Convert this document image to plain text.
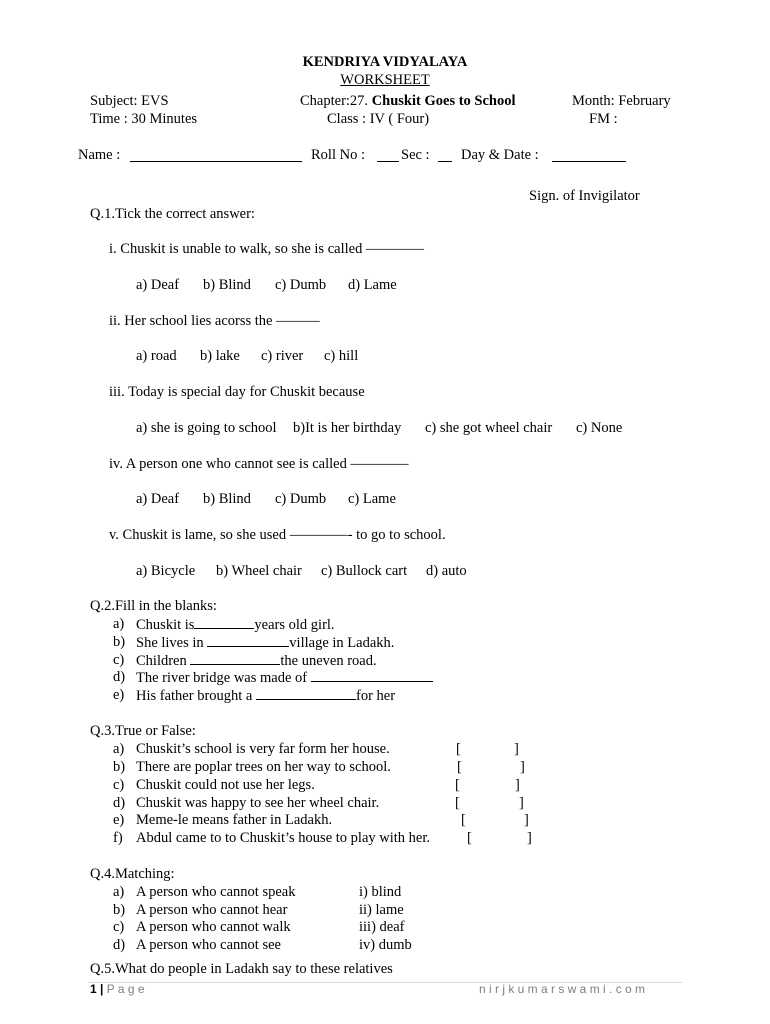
KENDRIYA VIDYALAYA
WORKSHEET
Subject: EVS	Chapter:27. Chuskit Goes to School	Month: February
Time : 30 Minutes	Class : IV ( Four)	FM :
Name :	Roll No : Sec : Day & Date :
Sign. of Invigilator
Q.1.Tick the correct answer:
i. Chuskit is unable to walk, so she is called ————
a) Deaf b) Blind c) Dumb d) Lame
ii. Her school lies acorss the ———
a) road b) lake c) river c) hill
iii. Today is special day for Chuskit because
a) she is going to school b)It is her birthday c) she got wheel chair c) None
iv. A person one who cannot see is called ————
a) Deaf b) Blind c) Dumb c) Lame
v. Chuskit is lame, so she used ————- to go to school.
a) Bicycle b) Wheel chair c) Bullock cart d) auto
Q.2.Fill in the blanks:
a) Chuskit is	years old girl.
b) She lives in	village in Ladakh.
c) Children	the uneven road.
d) The river bridge was made of
e) His father brought a	for her
Q.3.True or False:
a) Chuskit’s school is very far form her house.	[	]
b) There are poplar trees on her way to school.	[	]
c) Chuskit could not use her legs.	[	]
d) Chuskit was happy to see her wheel chair.	[	]
e) Meme-le means father in Ladakh.	[	]
f) Abdul came to to Chuskit’s house to play with her.	[	]
Q.4.Matching:
a) A person who cannot speak	i) blind
b) A person who cannot hear	ii) lame
c) A person who cannot walk	iii) deaf
d) A person who cannot see	iv) dumb
Q.5.What do people in Ladakh say to these relatives
1 | P a g e	n i r j k u m a r s w a m i . c o m
